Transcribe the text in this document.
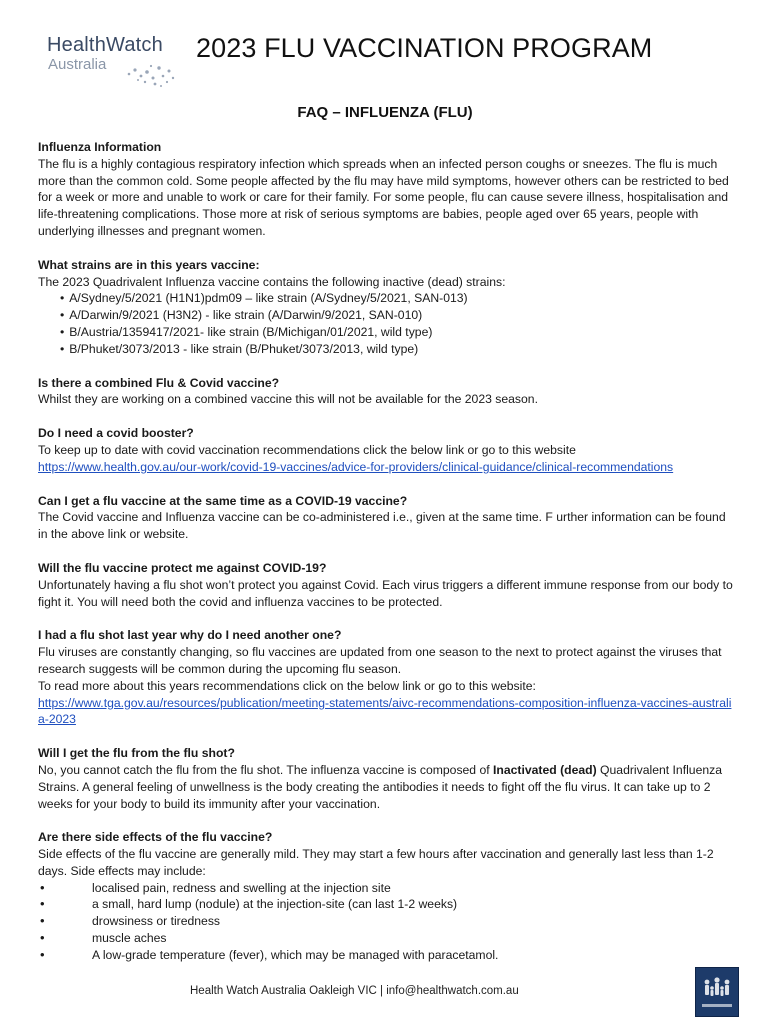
HealthWatch
Australia
2023 FLU VACCINATION PROGRAM
FAQ – INFLUENZA (FLU)

Influenza Information

The flu is a highly contagious respiratory infection which spreads when an infected person coughs or sneezes. The flu is much more than the common cold. Some people affected by the flu may have mild symptoms, however others can be restricted to bed for a week or more and unable to work or care for their family. For some people, flu can cause severe illness, hospitalisation and life-threatening complications. Those more at risk of serious symptoms are babies, people aged over 65 years, people with underlying illnesses and pregnant women.

What strains are in this years vaccine:

The 2023 Quadrivalent Influenza vaccine contains the following inactive (dead) strains:

• A/Sydney/5/2021 (H1N1)pdm09 – like strain (A/Sydney/5/2021, SAN-013)
• A/Darwin/9/2021 (H3N2) - like strain (A/Darwin/9/2021, SAN-010)
• B/Austria/1359417/2021- like strain (B/Michigan/01/2021, wild type)
• B/Phuket/3073/2013 - like strain (B/Phuket/3073/2013, wild type)

Is there a combined Flu & Covid vaccine?

Whilst they are working on a combined vaccine this will not be available for the 2023 season.

Do I need a covid booster?

To keep up to date with covid vaccination recommendations click the below link or go to this website

https://www.health.gov.au/our-work/covid-19-vaccines/advice-for-providers/clinical-guidance/clinical-recommendations

Can I get a flu vaccine at the same time as a COVID-19 vaccine?

The Covid vaccine and Influenza vaccine can be co-administered i.e., given at the same time. F urther information can be found in the above link or website.

Will the flu vaccine protect me against COVID-19?

Unfortunately having a flu shot won’t protect you against Covid. Each virus triggers a different immune response from our body to fight it. You will need both the covid and influenza vaccines to be protected.

I had a flu shot last year why do I need another one?

Flu viruses are constantly changing, so flu vaccines are updated from one season to the next to protect against the viruses that research suggests will be common during the upcoming flu season.

To read more about this years recommendations click on the below link or go to this website:

https://www.tga.gov.au/resources/publication/meeting-statements/aivc-recommendations-composition-influenza-vaccines-australia-2023

Will I get the flu from the flu shot?

No, you cannot catch the flu from the flu shot. The influenza vaccine is composed of Inactivated (dead) Quadrivalent Influenza Strains. A general feeling of unwellness is the body creating the antibodies it needs to fight off the flu virus. It can take up to 2 weeks for your body to build its immunity after your vaccination.

Are there side effects of the flu vaccine?

Side effects of the flu vaccine are generally mild. They may start a few hours after vaccination and generally last less than 1-2 days. Side effects may include:

• localised pain, redness and swelling at the injection site
• a small, hard lump (nodule) at the injection-site (can last 1-2 weeks)
• drowsiness or tiredness
• muscle aches
• A low-grade temperature (fever), which may be managed with paracetamol.
Health Watch Australia Oakleigh VIC | info@healthwatch.com.au
